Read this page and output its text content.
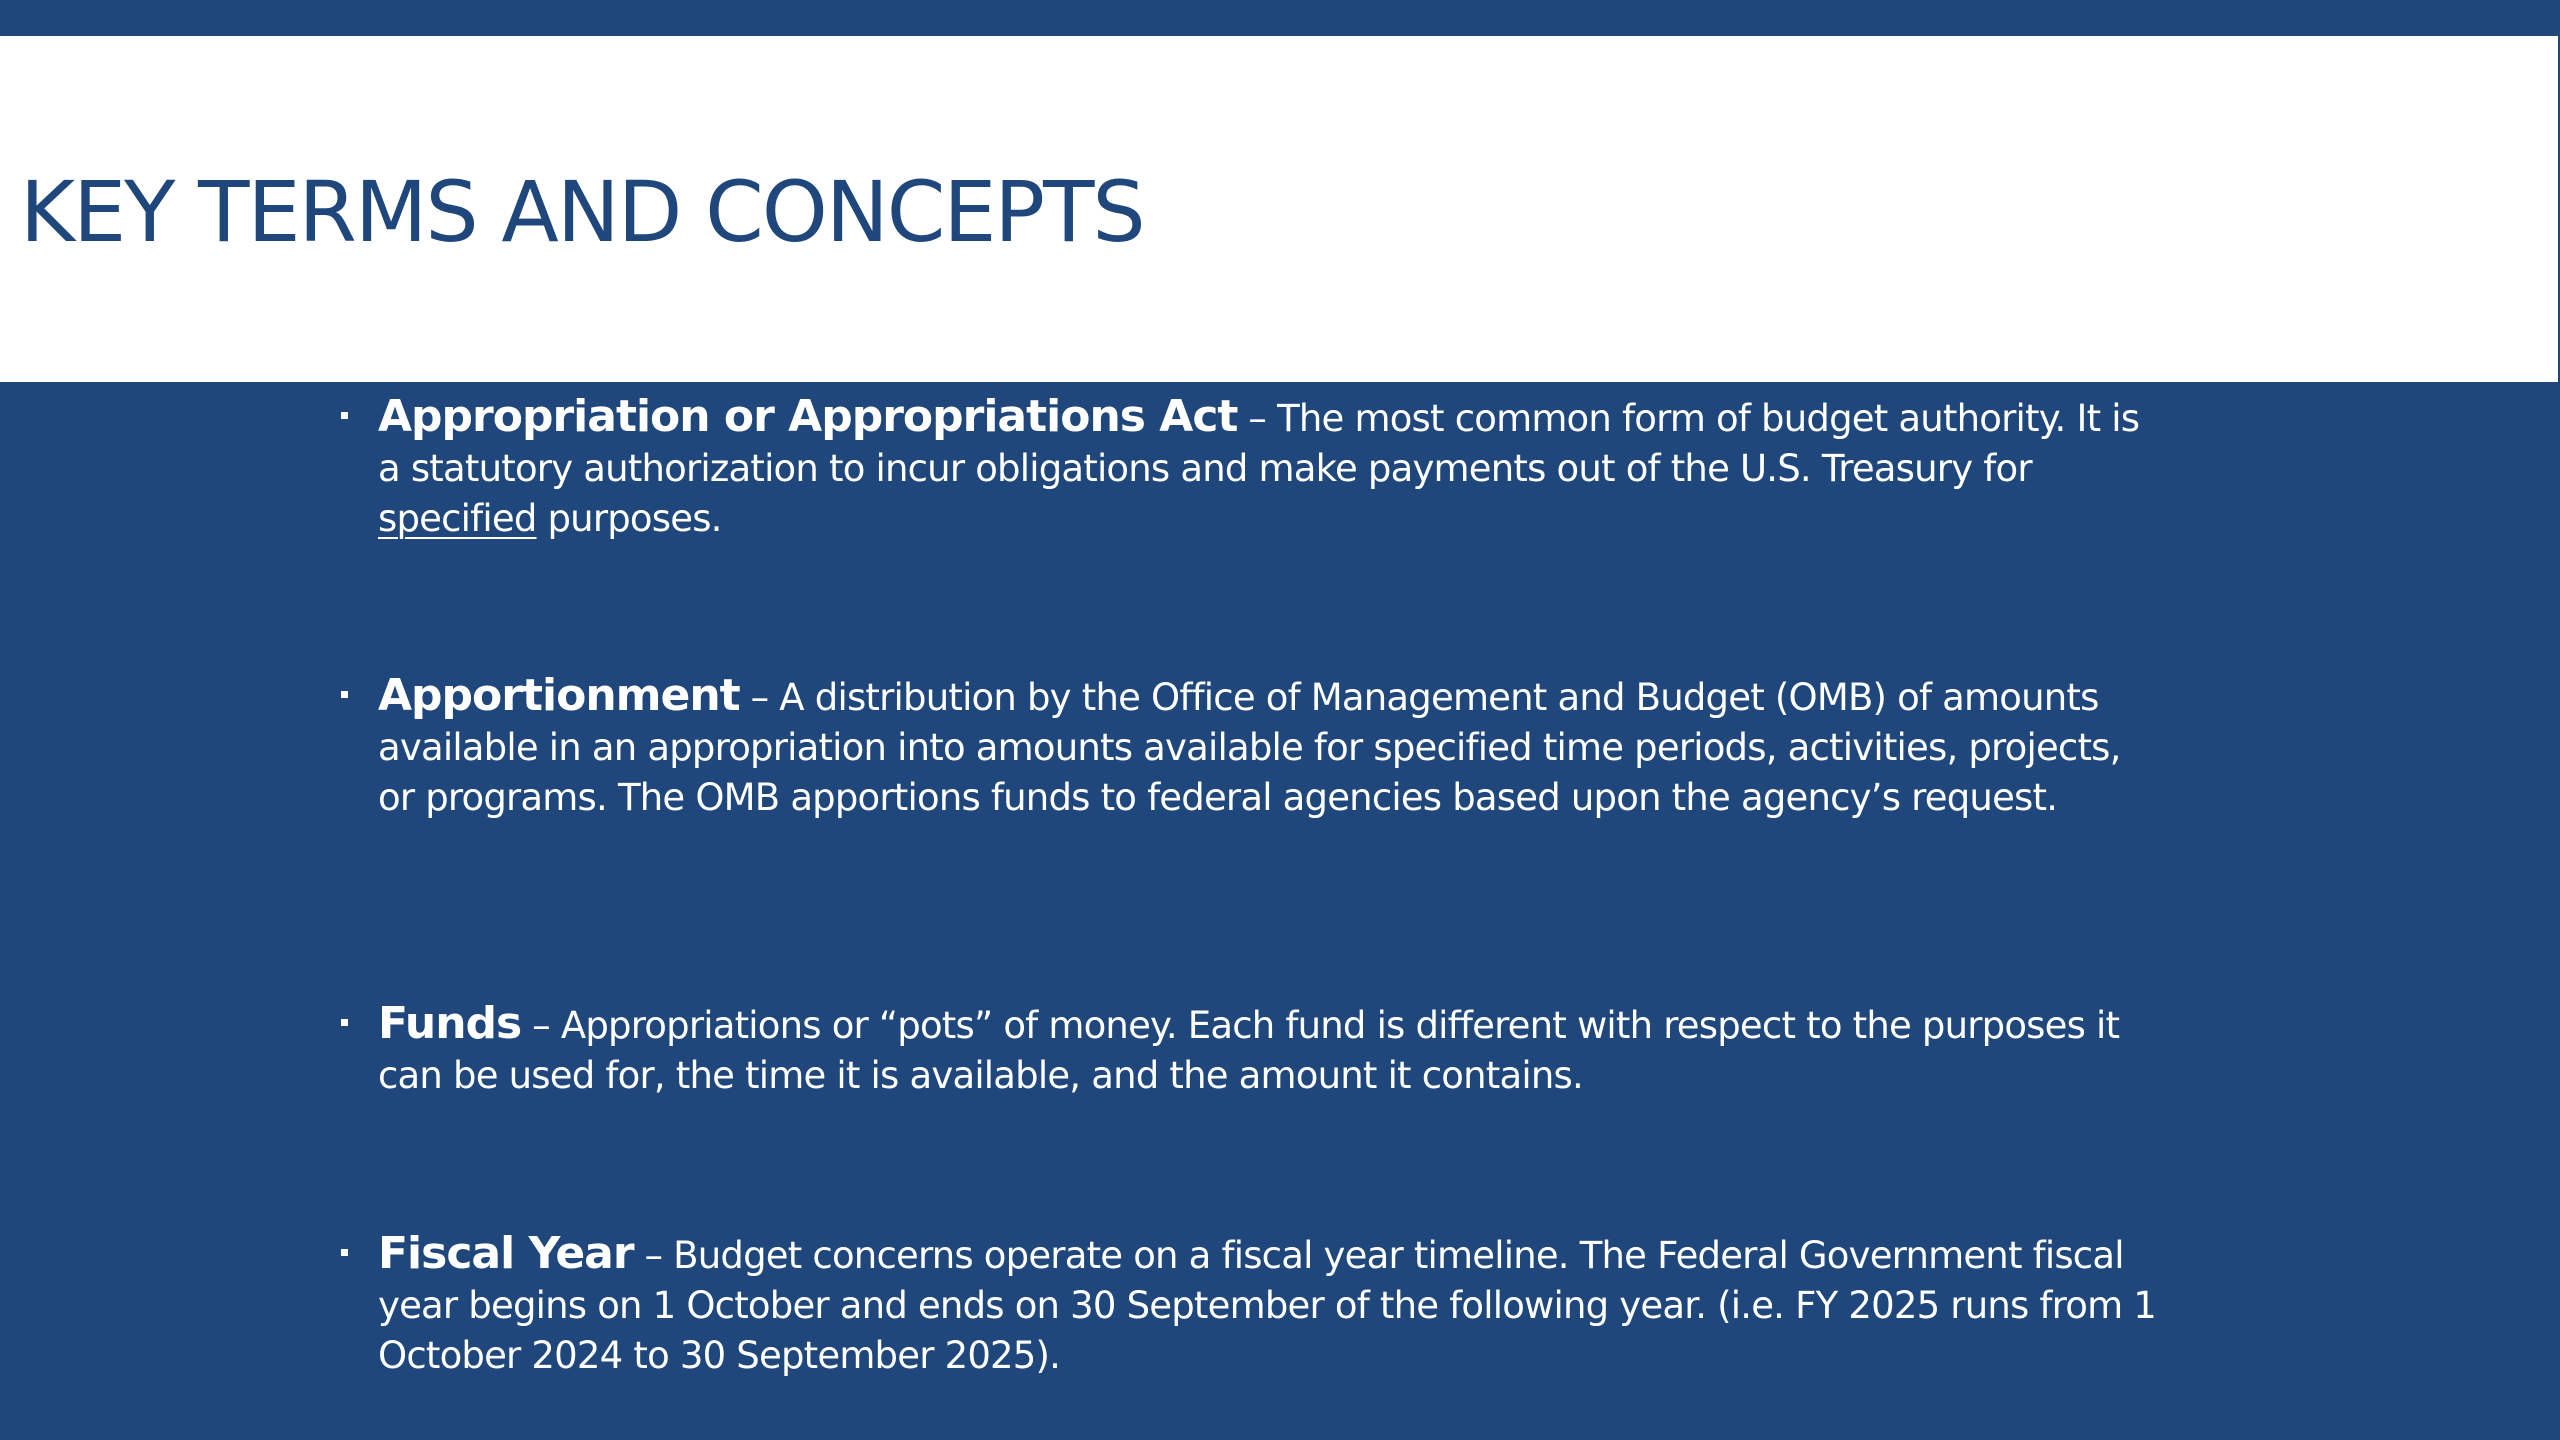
KEY TERMS AND CONCEPTS
Appropriation or Appropriations Act – The most common form of budget authority. It is a statutory authorization to incur obligations and make payments out of the U.S. Treasury for specified purposes.
Apportionment – A distribution by the Office of Management and Budget (OMB) of amounts available in an appropriation into amounts available for specified time periods, activities, projects, or programs. The OMB apportions funds to federal agencies based upon the agency’s request.
Funds – Appropriations or “pots” of money. Each fund is different with respect to the purposes it can be used for, the time it is available, and the amount it contains.
Fiscal Year – Budget concerns operate on a fiscal year timeline. The Federal Government fiscal year begins on 1 October and ends on 30 September of the following year. (i.e. FY 2025 runs from 1 October 2024 to 30 September 2025).
